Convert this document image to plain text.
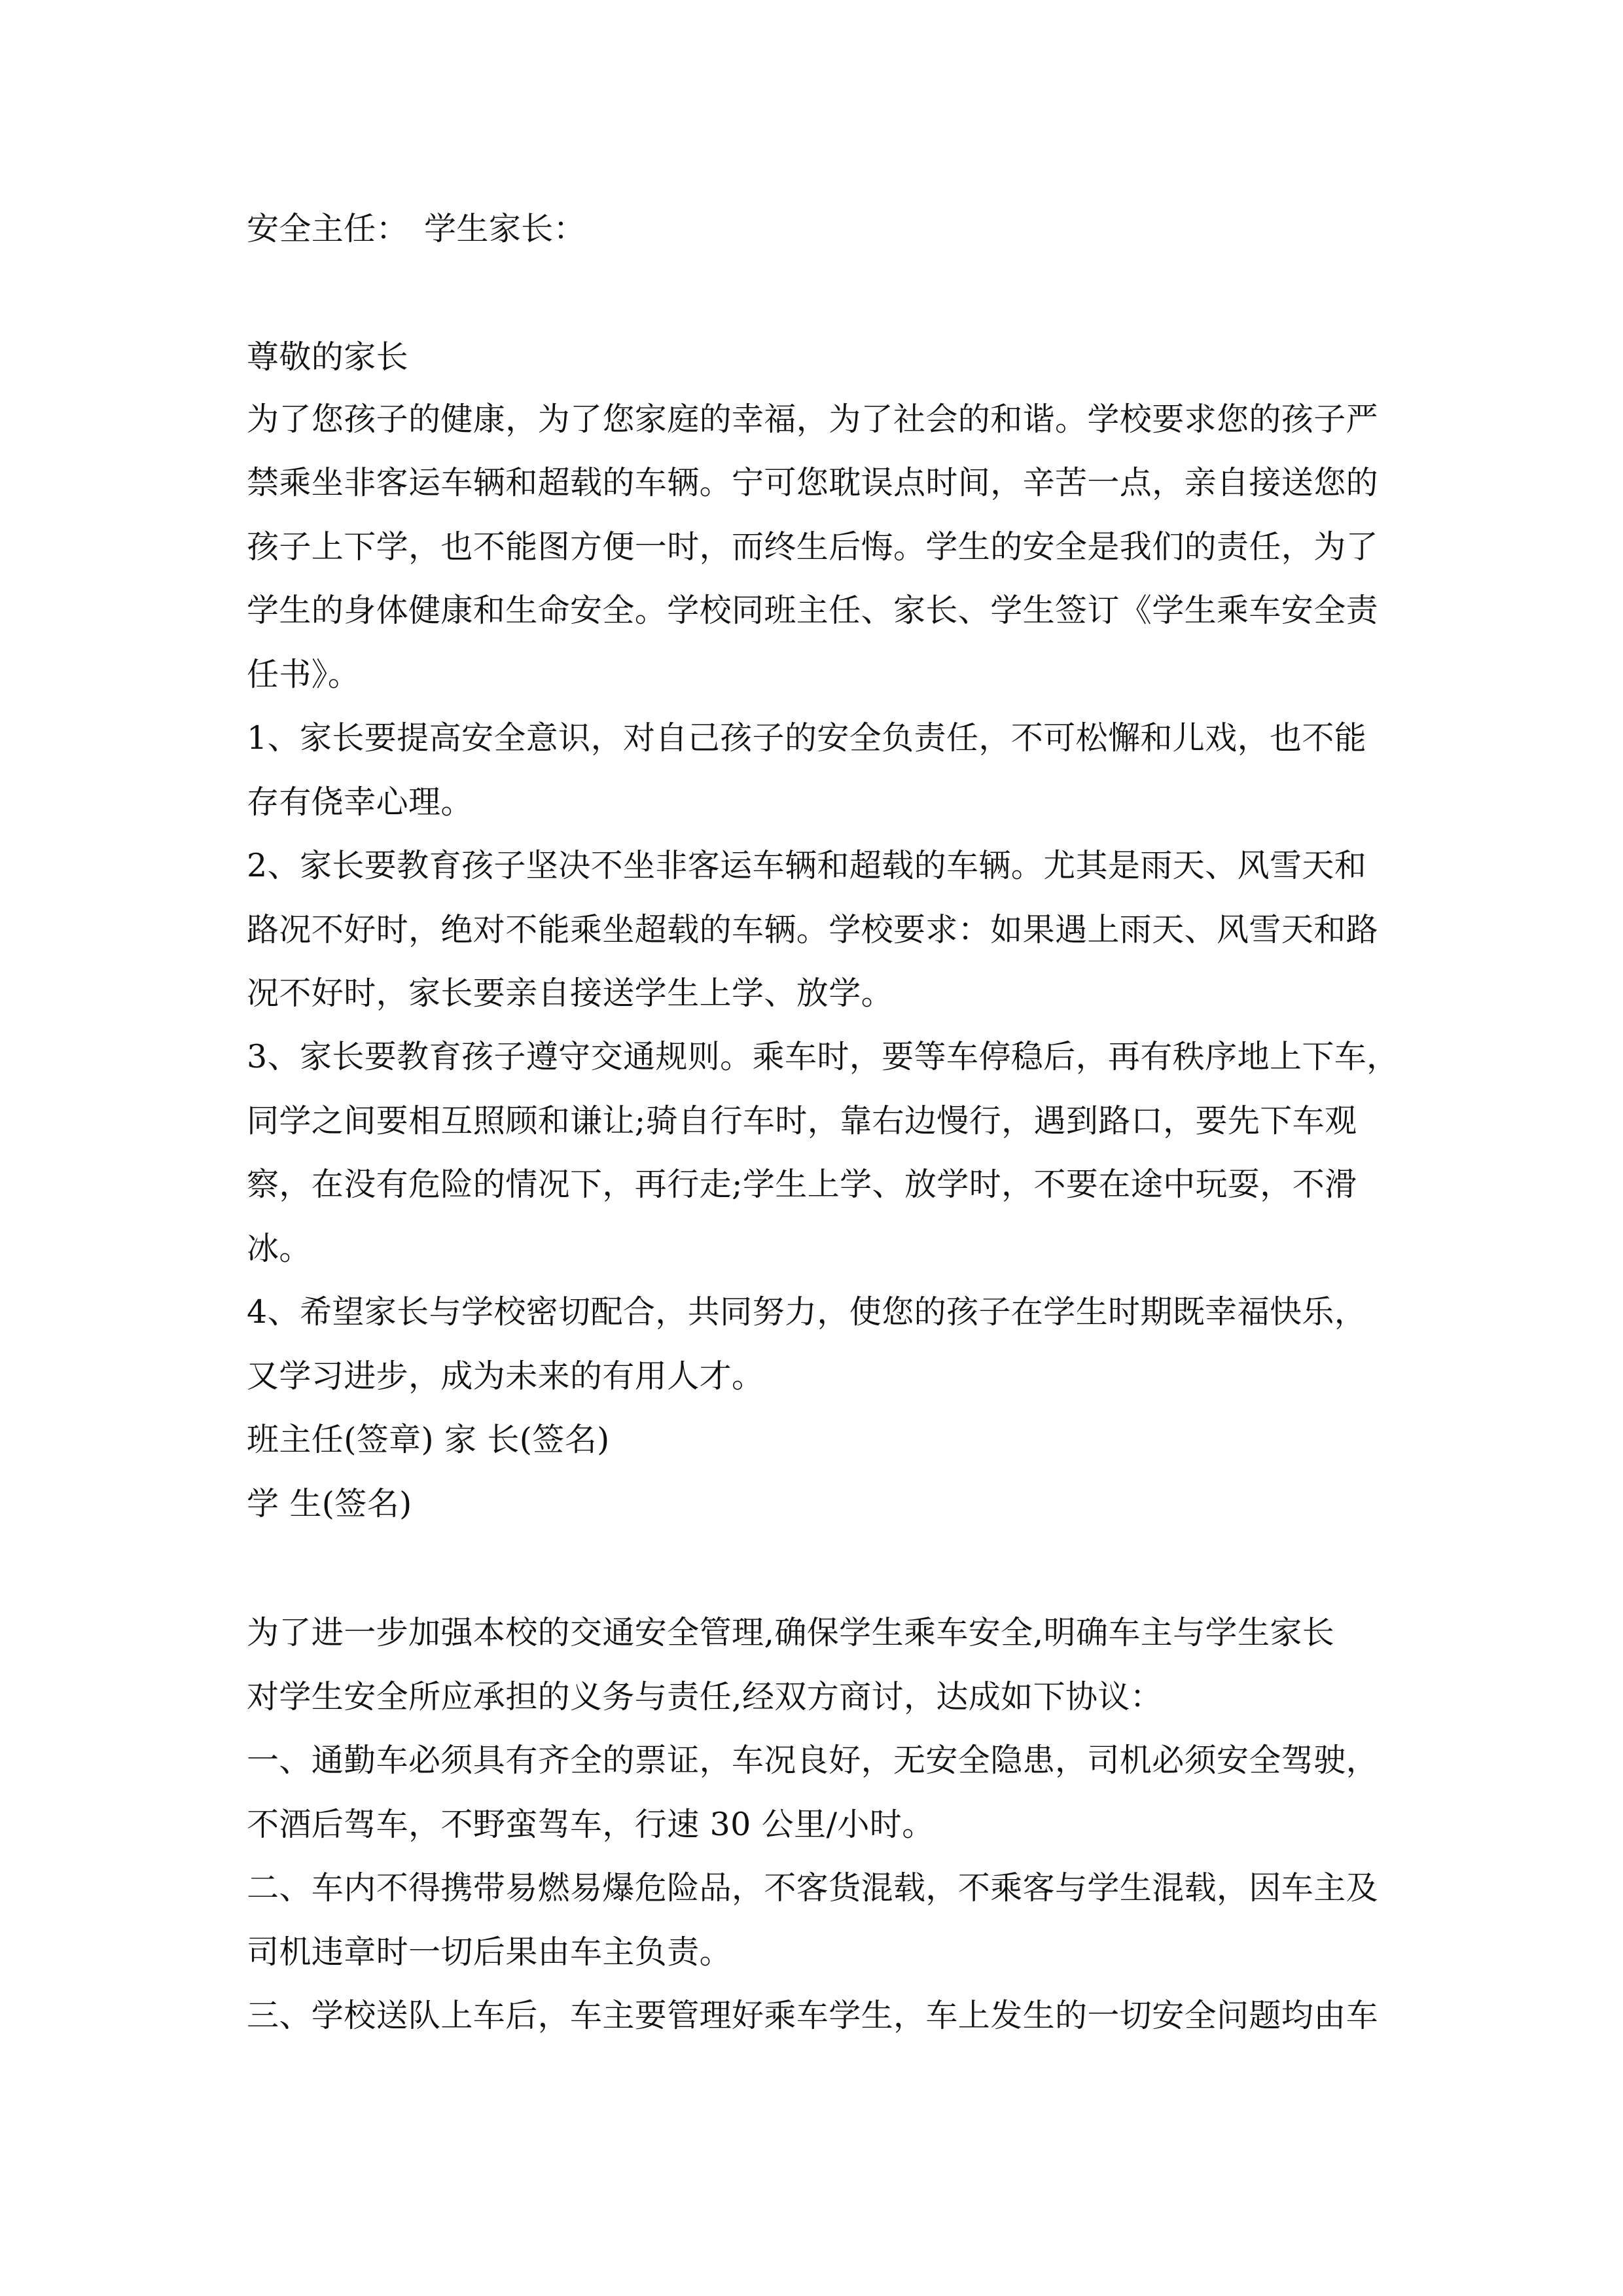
安全主任： 学生家长：
尊敬的家长
为了您孩子的健康，为了您家庭的幸福，为了社会的和谐。学校要求您的孩子严
禁乘坐非客运车辆和超载的车辆。宁可您耽误点时间，辛苦一点，亲自接送您的
孩子上下学，也不能图方便一时，而终生后悔。学生的安全是我们的责任，为了
学生的身体健康和生命安全。学校同班主任、家长、学生签订《学生乘车安全责
任书》。
1、家长要提高安全意识，对自己孩子的安全负责任，不可松懈和儿戏，也不能
存有侥幸心理。
2、家长要教育孩子坚决不坐非客运车辆和超载的车辆。尤其是雨天、风雪天和
路况不好时，绝对不能乘坐超载的车辆。学校要求：如果遇上雨天、风雪天和路
况不好时，家长要亲自接送学生上学、放学。
3、家长要教育孩子遵守交通规则。乘车时，要等车停稳后，再有秩序地上下车，
同学之间要相互照顾和谦让;骑自行车时，靠右边慢行，遇到路口，要先下车观
察，在没有危险的情况下，再行走;学生上学、放学时，不要在途中玩耍，不滑
冰。
4、希望家长与学校密切配合，共同努力，使您的孩子在学生时期既幸福快乐，
又学习进步，成为未来的有用人才。
班主任(签章) 家 长(签名)
学 生(签名)
为了进一步加强本校的交通安全管理,确保学生乘车安全,明确车主与学生家长
对学生安全所应承担的义务与责任,经双方商讨，达成如下协议：
一、通勤车必须具有齐全的票证，车况良好，无安全隐患，司机必须安全驾驶，
不酒后驾车，不野蛮驾车，行速 30 公里/小时。
二、车内不得携带易燃易爆危险品，不客货混载，不乘客与学生混载，因车主及
司机违章时一切后果由车主负责。
三、学校送队上车后，车主要管理好乘车学生，车上发生的一切安全问题均由车
